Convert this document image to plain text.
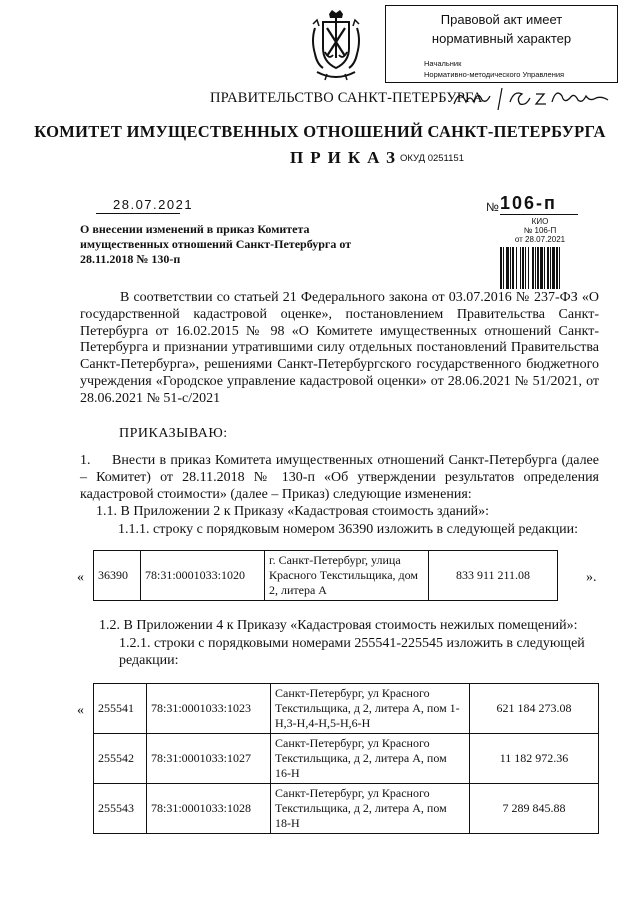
Правовой акт имеет
нормативный характер
Начальник
Нормативно-методического Управления
ПРАВИТЕЛЬСТВО САНКТ-ПЕТЕРБУРГА
КОМИТЕТ ИМУЩЕСТВЕННЫХ ОТНОШЕНИЙ САНКТ-ПЕТЕРБУРГА
ПРИКАЗ
ОКУД 0251151
28.07.2021	№ 106-п
КИО
№ 106-П
от 28.07.2021
О внесении изменений в приказ Комитета имущественных отношений Санкт-Петербурга от 28.11.2018 № 130-п
В соответствии со статьей 21 Федерального закона от 03.07.2016 № 237-ФЗ «О государственной кадастровой оценке», постановлением Правительства Санкт-Петербурга от 16.02.2015 № 98 «О Комитете имущественных отношений Санкт-Петербурга и признании утратившими силу отдельных постановлений Правительства Санкт-Петербурга», решениями Санкт-Петербургского государственного бюджетного учреждения «Городское управление кадастровой оценки» от 28.06.2021 № 51/2021, от 28.06.2021 № 51-с/2021
ПРИКАЗЫВАЮ:
1. Внести в приказ Комитета имущественных отношений Санкт-Петербурга (далее – Комитет) от 28.11.2018 № 130-п «Об утверждении результатов определения кадастровой стоимости» (далее – Приказ) следующие изменения:
1.1. В Приложении 2 к Приказу «Кадастровая стоимость зданий»:
1.1.1. строку с порядковым номером 36390 изложить в следующей редакции:
« 36390	78:31:0001033:1020	г. Санкт-Петербург, улица Красного Текстильщика, дом 2, литера А	833 911 211.08	».
1.2. В Приложении 4 к Приказу «Кадастровая стоимость нежилых помещений»:
1.2.1. строки с порядковыми номерами 255541-225545 изложить в следующей
редакции:
« 255541	78:31:0001033:1023	Санкт-Петербург, ул Красного Текстильщика, д 2, литера А, пом 1-Н,3-Н,4-Н,5-Н,6-Н	621 184 273.08
255542	78:31:0001033:1027	Санкт-Петербург, ул Красного Текстильщика, д 2, литера А, пом 16-Н	11 182 972.36
255543	78:31:0001033:1028	Санкт-Петербург, ул Красного Текстильщика, д 2, литера А, пом 18-Н	7 289 845.88
